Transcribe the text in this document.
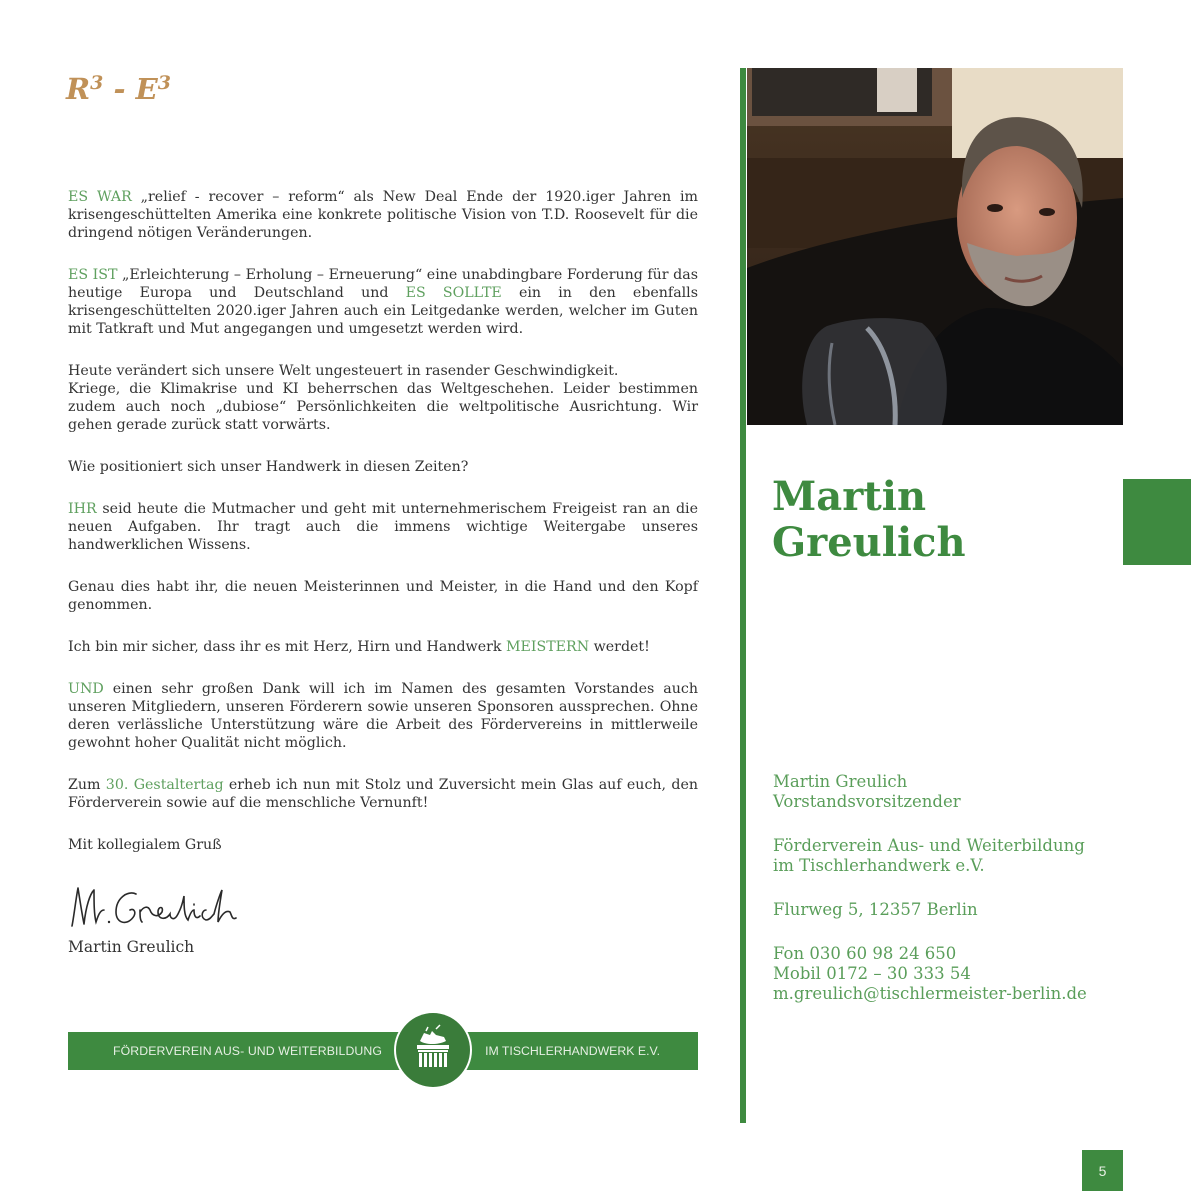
$R^3 - E^3$

ES WAR „relief - recover – reform“ als New Deal Ende der 1920.iger Jahren im krisengeschüttelten Amerika eine konkrete politische Vision von T.D. Roosevelt für die dringend nötigen Veränderungen.

ES IST „Erleichterung – Erholung – Erneuerung“ eine unabdingbare Forderung für das heutige Europa und Deutschland und ES SOLLTE ein in den ebenfalls krisengeschüttelten 2020.iger Jahren auch ein Leitgedanke werden, welcher im Guten mit Tatkraft und Mut angegangen und umgesetzt werden wird.

Heute verändert sich unsere Welt ungesteuert in rasender Geschwindigkeit.
Kriege, die Klimakrise und KI beherrschen das Weltgeschehen. Leider bestimmen zudem auch noch „dubiose“ Persönlichkeiten die weltpolitische Ausrichtung. Wir gehen gerade zurück statt vorwärts.

Wie positioniert sich unser Handwerk in diesen Zeiten?

IHR seid heute die Mutmacher und geht mit unternehmerischem Freigeist ran an die neuen Aufgaben. Ihr tragt auch die immens wichtige Weitergabe unseres handwerklichen Wissens.

Genau dies habt ihr, die neuen Meisterinnen und Meister, in die Hand und den Kopf genommen.

Ich bin mir sicher, dass ihr es mit Herz, Hirn und Handwerk MEISTERN werdet!

UND einen sehr großen Dank will ich im Namen des gesamten Vorstandes auch unseren Mitgliedern, unseren Förderern sowie unseren Sponsoren aussprechen. Ohne deren verlässliche Unterstützung wäre die Arbeit des Fördervereins in mittlerweile gewohnt hoher Qualität nicht möglich.

Zum 30. Gestaltertag erheb ich nun mit Stolz und Zuversicht mein Glas auf euch, den Förderverein sowie auf die menschliche Vernunft!

Mit kollegialem Gruß

Martin Greulich
FÖRDERVEREIN AUS- UND WEITERBILDUNG	IM TISCHLERHANDWERK E.V.
Martin
Greulich
Martin Greulich
Vorstandsvorsitzender
Förderverein Aus- und Weiterbildung
im Tischlerhandwerk e.V.
Flurweg 5, 12357 Berlin
Fon 030 60 98 24 650
Mobil 0172 – 30 333 54
m.greulich@tischlermeister-berlin.de
5
